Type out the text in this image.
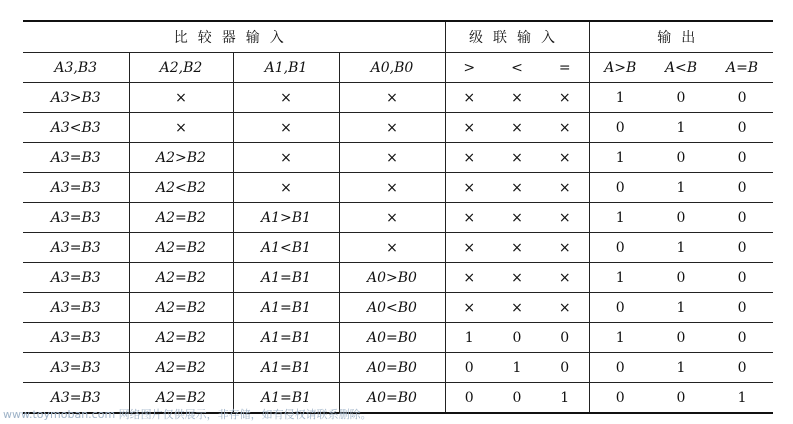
比较器输入				级联输入			输出		
A3,B3	A2,B2	A1,B1	A0,B0	>	<	=	A>B	A<B	A=B
A3>B3	×	×	×	×	×	×	1	0	0
A3<B3	×	×	×	×	×	×	0	1	0
A3=B3	A2>B2	×	×	×	×	×	1	0	0
A3=B3	A2<B2	×	×	×	×	×	0	1	0
A3=B3	A2=B2	A1>B1	×	×	×	×	1	0	0
A3=B3	A2=B2	A1<B1	×	×	×	×	0	1	0
A3=B3	A2=B2	A1=B1	A0>B0	×	×	×	1	0	0
A3=B3	A2=B2	A1=B1	A0<B0	×	×	×	0	1	0
A3=B3	A2=B2	A1=B1	A0=B0	1	0	0	1	0	0
A3=B3	A2=B2	A1=B1	A0=B0	0	1	0	0	1	0
A3=B3	A2=B2	A1=B1	A0=B0	0	0	1	0	0	1
www.toymoban.com 网络图片仅供展示，非存储，如有侵权请联系删除。
